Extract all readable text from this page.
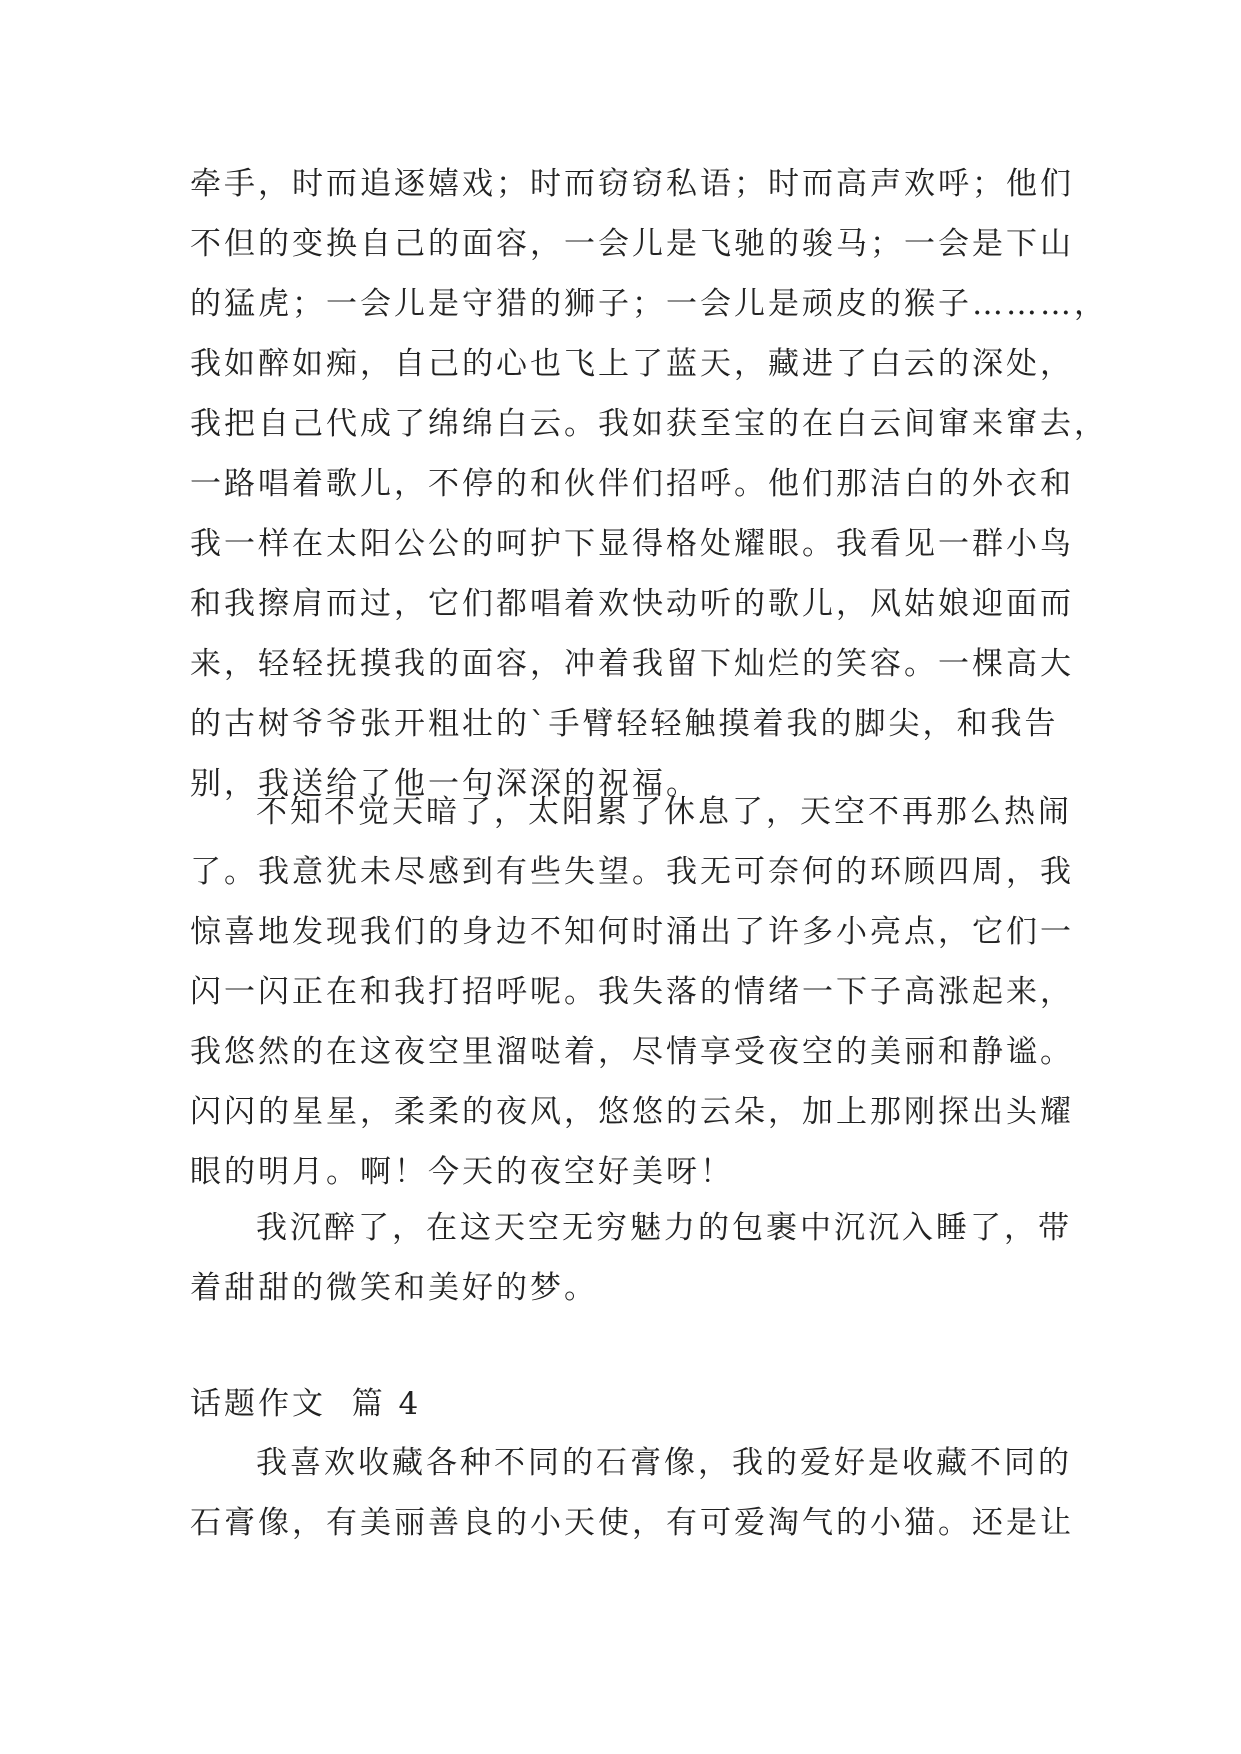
牵手，时而追逐嬉戏；时而窃窃私语；时而高声欢呼；他们
不但的变换自己的面容，一会儿是飞驰的骏马；一会是下山
的猛虎；一会儿是守猎的狮子；一会儿是顽皮的猴子………，
我如醉如痴，自己的心也飞上了蓝天，藏进了白云的深处，
我把自己代成了绵绵白云。我如获至宝的在白云间窜来窜去，
一路唱着歌儿，不停的和伙伴们招呼。他们那洁白的外衣和
我一样在太阳公公的呵护下显得格处耀眼。我看见一群小鸟
和我擦肩而过，它们都唱着欢快动听的歌儿，风姑娘迎面而
来，轻轻抚摸我的面容，冲着我留下灿烂的笑容。一棵高大
的古树爷爷张开粗壮的`手臂轻轻触摸着我的脚尖，和我告
别，我送给了他一句深深的祝福。
不知不觉天暗了，太阳累了休息了，天空不再那么热闹
了。我意犹未尽感到有些失望。我无可奈何的环顾四周，我
惊喜地发现我们的身边不知何时涌出了许多小亮点，它们一
闪一闪正在和我打招呼呢。我失落的情绪一下子高涨起来，
我悠然的在这夜空里溜哒着，尽情享受夜空的美丽和静谧。
闪闪的星星，柔柔的夜风，悠悠的云朵，加上那刚探出头耀
眼的明月。啊！今天的夜空好美呀！
我沉醉了，在这天空无穷魅力的包裹中沉沉入睡了，带
着甜甜的微笑和美好的梦。
话题作文  篇 4
我喜欢收藏各种不同的石膏像，我的爱好是收藏不同的
石膏像，有美丽善良的小天使，有可爱淘气的小猫。还是让
